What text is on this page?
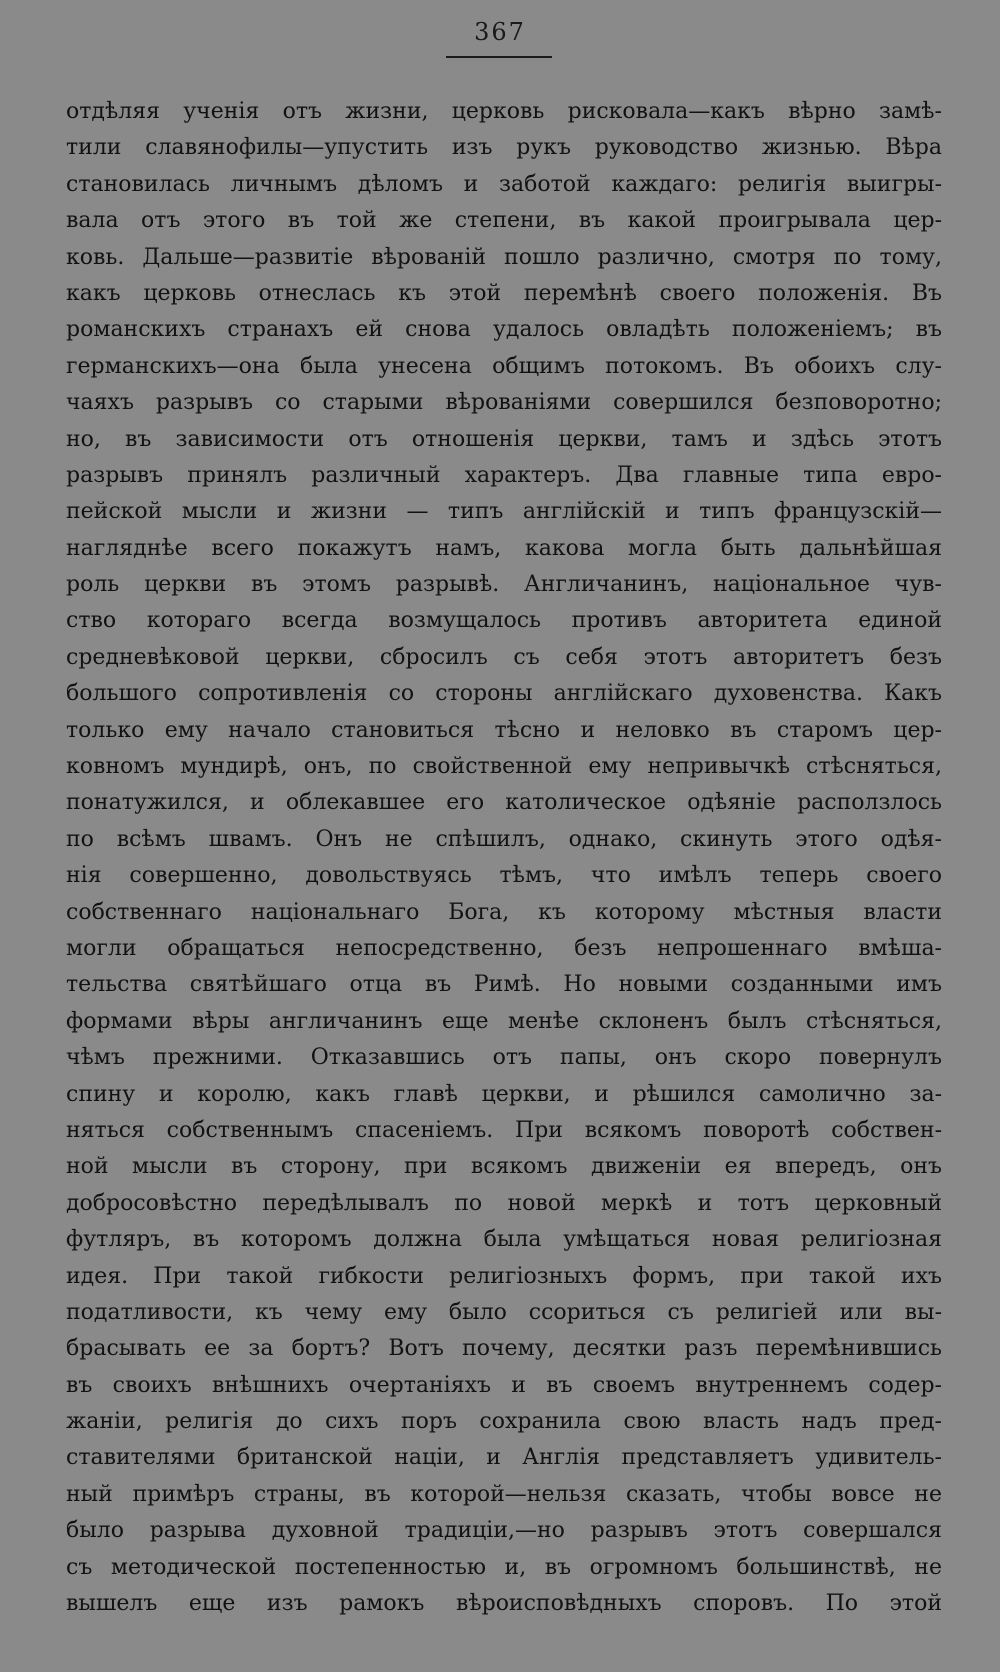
367
отдѣляя ученія отъ жизни, церковь рисковала—какъ вѣрно замѣ-
тили славянофилы—упустить изъ рукъ руководство жизнью. Вѣра
становилась личнымъ дѣломъ и заботой каждаго: религія выигры-
вала отъ этого въ той же степени, въ какой проигрывала цер-
ковь. Дальше—развитіе вѣрованій пошло различно, смотря по тому,
какъ церковь отнеслась къ этой перемѣнѣ своего положенія. Въ
романскихъ странахъ ей снова удалось овладѣть положеніемъ; въ
германскихъ—она была унесена общимъ потокомъ. Въ обоихъ слу-
чаяхъ разрывъ со старыми вѣрованіями совершился безповоротно;
но, въ зависимости отъ отношенія церкви, тамъ и здѣсь этотъ
разрывъ принялъ различный характеръ. Два главные типа евро-
пейской мысли и жизни — типъ англійскій и типъ французскій—
нагляднѣе всего покажутъ намъ, какова могла быть дальнѣйшая
роль церкви въ этомъ разрывѣ. Англичанинъ, національное чув-
ство котораго всегда возмущалось противъ авторитета единой
средневѣковой церкви, сбросилъ съ себя этотъ авторитетъ безъ
большого сопротивленія со стороны англійскаго духовенства. Какъ
только ему начало становиться тѣсно и неловко въ старомъ цер-
ковномъ мундирѣ, онъ, по свойственной ему непривычкѣ стѣсняться,
понатужился, и облекавшее его католическое одѣяніе расползлось
по всѣмъ швамъ. Онъ не спѣшилъ, однако, скинуть этого одѣя-
нія совершенно, довольствуясь тѣмъ, что имѣлъ теперь своего
собственнаго національнаго Бога, къ которому мѣстныя власти
могли обращаться непосредственно, безъ непрошеннаго вмѣша-
тельства святѣйшаго отца въ Римѣ. Но новыми созданными имъ
формами вѣры англичанинъ еще менѣе склоненъ былъ стѣсняться,
чѣмъ прежними. Отказавшись отъ папы, онъ скоро повернулъ
спину и королю, какъ главѣ церкви, и рѣшился самолично за-
няться собственнымъ спасеніемъ. При всякомъ поворотѣ собствен-
ной мысли въ сторону, при всякомъ движеніи ея впередъ, онъ
добросовѣстно передѣлывалъ по новой меркѣ и тотъ церковный
футляръ, въ которомъ должна была умѣщаться новая религіозная
идея. При такой гибкости религіозныхъ формъ, при такой ихъ
податливости, къ чему ему было ссориться съ религіей или вы-
брасывать ее за бортъ? Вотъ почему, десятки разъ перемѣнившись
въ своихъ внѣшнихъ очертаніяхъ и въ своемъ внутреннемъ содер-
жаніи, религія до сихъ поръ сохранила свою власть надъ пред-
ставителями британской націи, и Англія представляетъ удивитель-
ный примѣръ страны, въ которой—нельзя сказать, чтобы вовсе не
было разрыва духовной традиціи,—но разрывъ этотъ совершался
съ методической постепенностью и, въ огромномъ большинствѣ, не
вышелъ еще изъ рамокъ вѣроисповѣдныхъ споровъ. По этой
